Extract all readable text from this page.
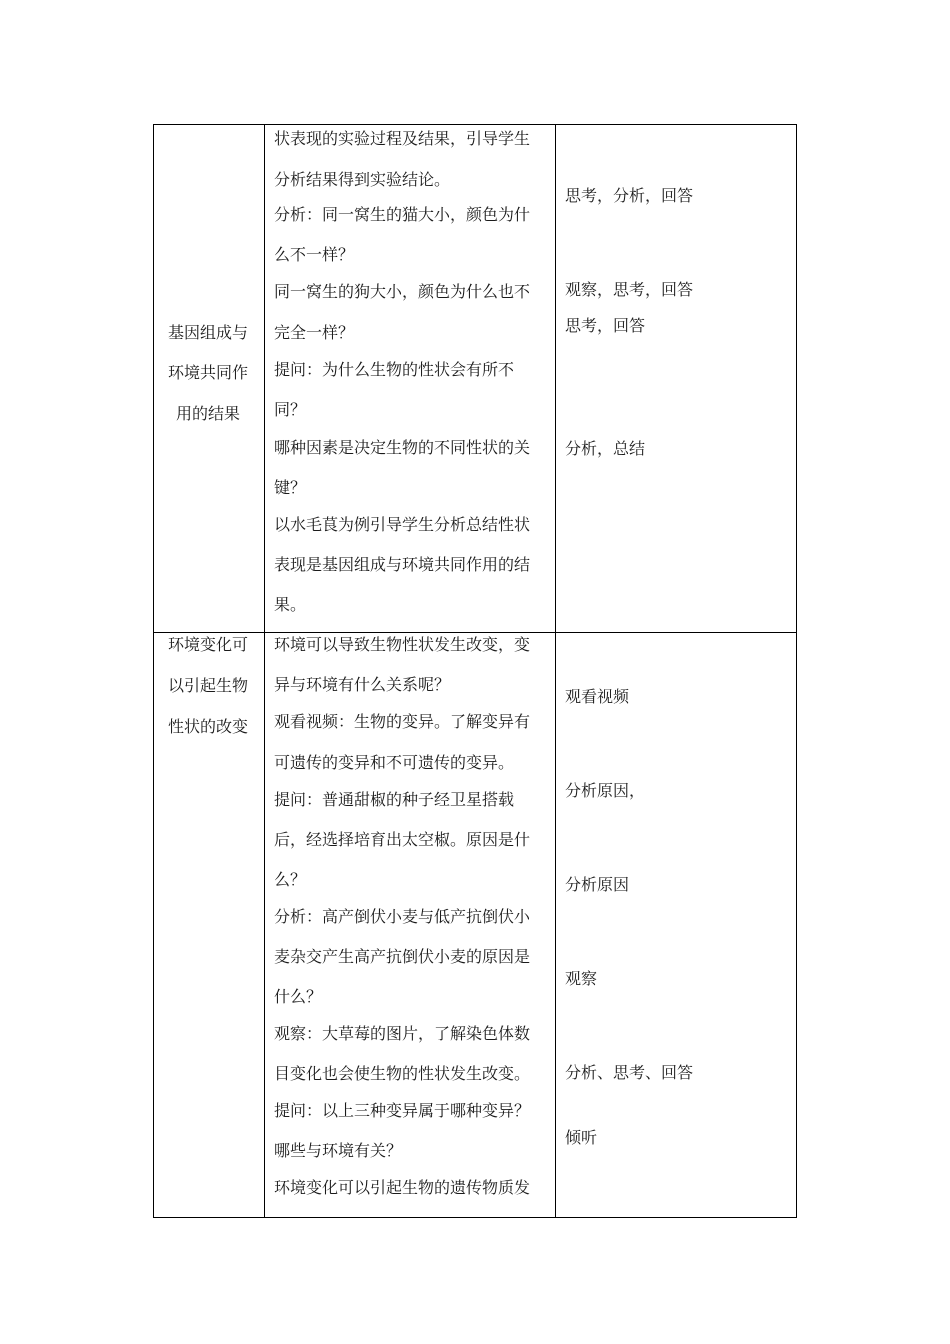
基因组成与
环境共同作
用的结果
状表现的实验过程及结果，引导学生
分析结果得到实验结论。
分析：同一窝生的猫大小，颜色为什
么不一样？
同一窝生的狗大小，颜色为什么也不
完全一样？
提问：为什么生物的性状会有所不
同？
哪种因素是决定生物的不同性状的关
键？
以水毛茛为例引导学生分析总结性状
表现是基因组成与环境共同作用的结
果。
思考，分析，回答
观察，思考，回答
思考，回答
分析，总结
环境变化可
以引起生物
性状的改变
环境可以导致生物性状发生改变，变
异与环境有什么关系呢？
观看视频：生物的变异。了解变异有
可遗传的变异和不可遗传的变异。
提问：普通甜椒的种子经卫星搭载
后，经选择培育出太空椒。原因是什
么？
分析：高产倒伏小麦与低产抗倒伏小
麦杂交产生高产抗倒伏小麦的原因是
什么？
观察：大草莓的图片，了解染色体数
目变化也会使生物的性状发生改变。
提问：以上三种变异属于哪种变异？
哪些与环境有关？
环境变化可以引起生物的遗传物质发
观看视频
分析原因，
分析原因
观察
分析、思考、回答
倾听
